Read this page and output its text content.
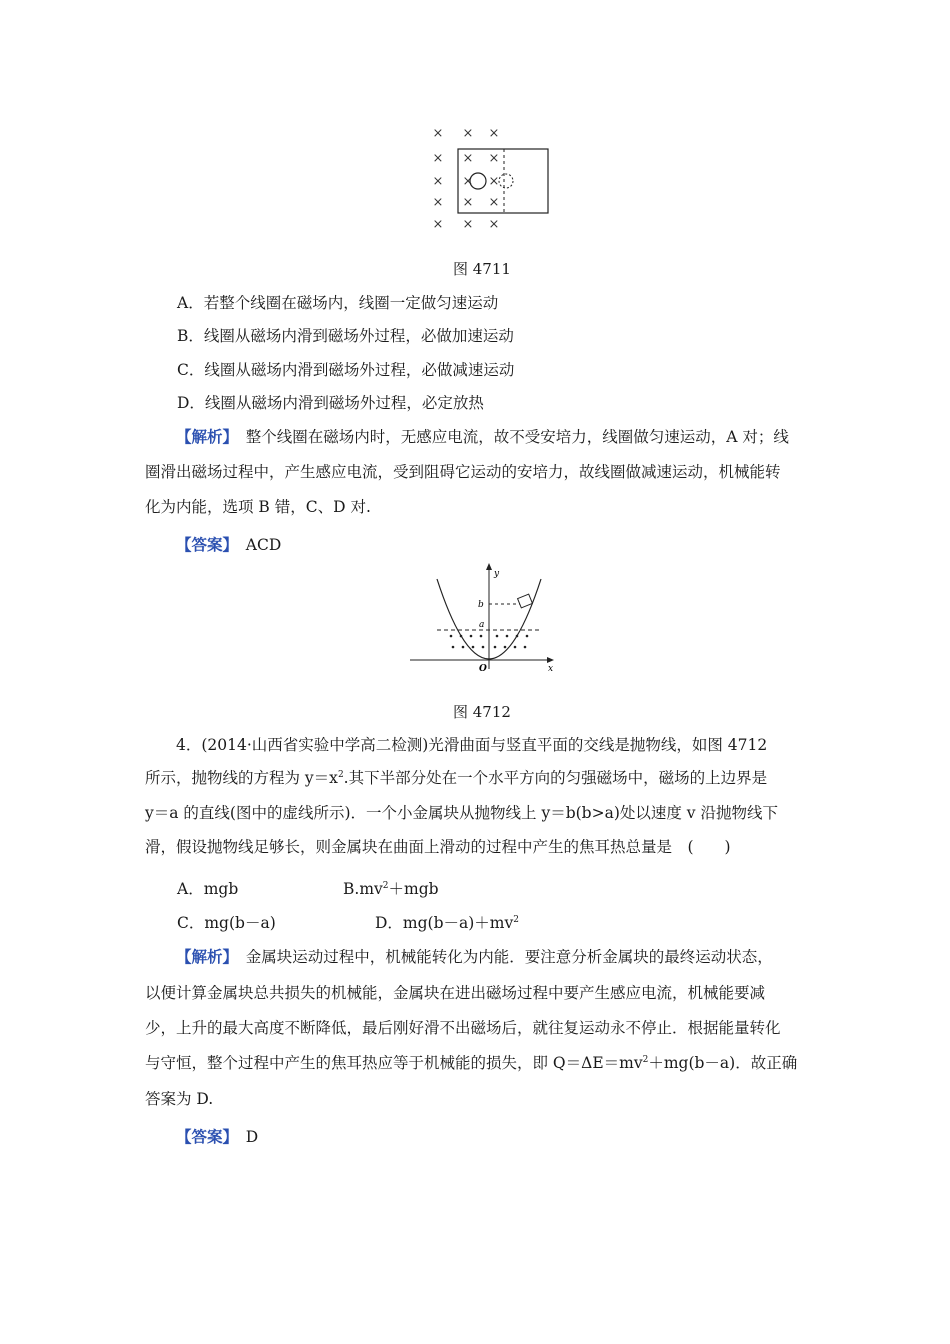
× × ×
× × ×
× × ×
× × ×
× × ×
图 4711
A．若整个线圈在磁场内，线圈一定做匀速运动
B．线圈从磁场内滑到磁场外过程，必做加速运动
C．线圈从磁场内滑到磁场外过程，必做减速运动
D．线圈从磁场内滑到磁场外过程，必定放热
【解析】　 整个线圈在磁场内时，无感应电流，故不受安培力，线圈做匀速运动，A 对；线
圈滑出磁场过程中，产生感应电流，受到阻碍它运动的安培力，故线圈做减速运动，机械能转
化为内能，选项 B 错，C、D 对.
【答案】　 ACD
y
x
b
a
O
图 4712
4．(2014·山西省实验中学高二检测)光滑曲面与竖直平面的交线是抛物线，如图 4712
所示，抛物线的方程为 $y=x^2$.其下半部分处在一个水平方向的匀强磁场中，磁场的上边界是
y＝a 的直线(图中的虚线所示)．一个小金属块从抛物线上 y＝b(b>a)处以速度 v 沿抛物线下
滑，假设抛物线足够长，则金属块在曲面上滑动的过程中产生的焦耳热总量是　(　　)
A．mgb	$B.mv^2+mgb$
C．mg(b－a)	D．$mg(b-a)+mv^2$
【解析】　 金属块运动过程中，机械能转化为内能．要注意分析金属块的最终运动状态，
以便计算金属块总共损失的机械能，金属块在进出磁场过程中要产生感应电流，机械能要减
少，上升的最大高度不断降低，最后刚好滑不出磁场后，就往复运动永不停止．根据能量转化
与守恒，整个过程中产生的焦耳热应等于机械能的损失，即 $Q=\Delta E=mv^2+mg(b-a)$．故正确
答案为 D.
【答案】　 D
